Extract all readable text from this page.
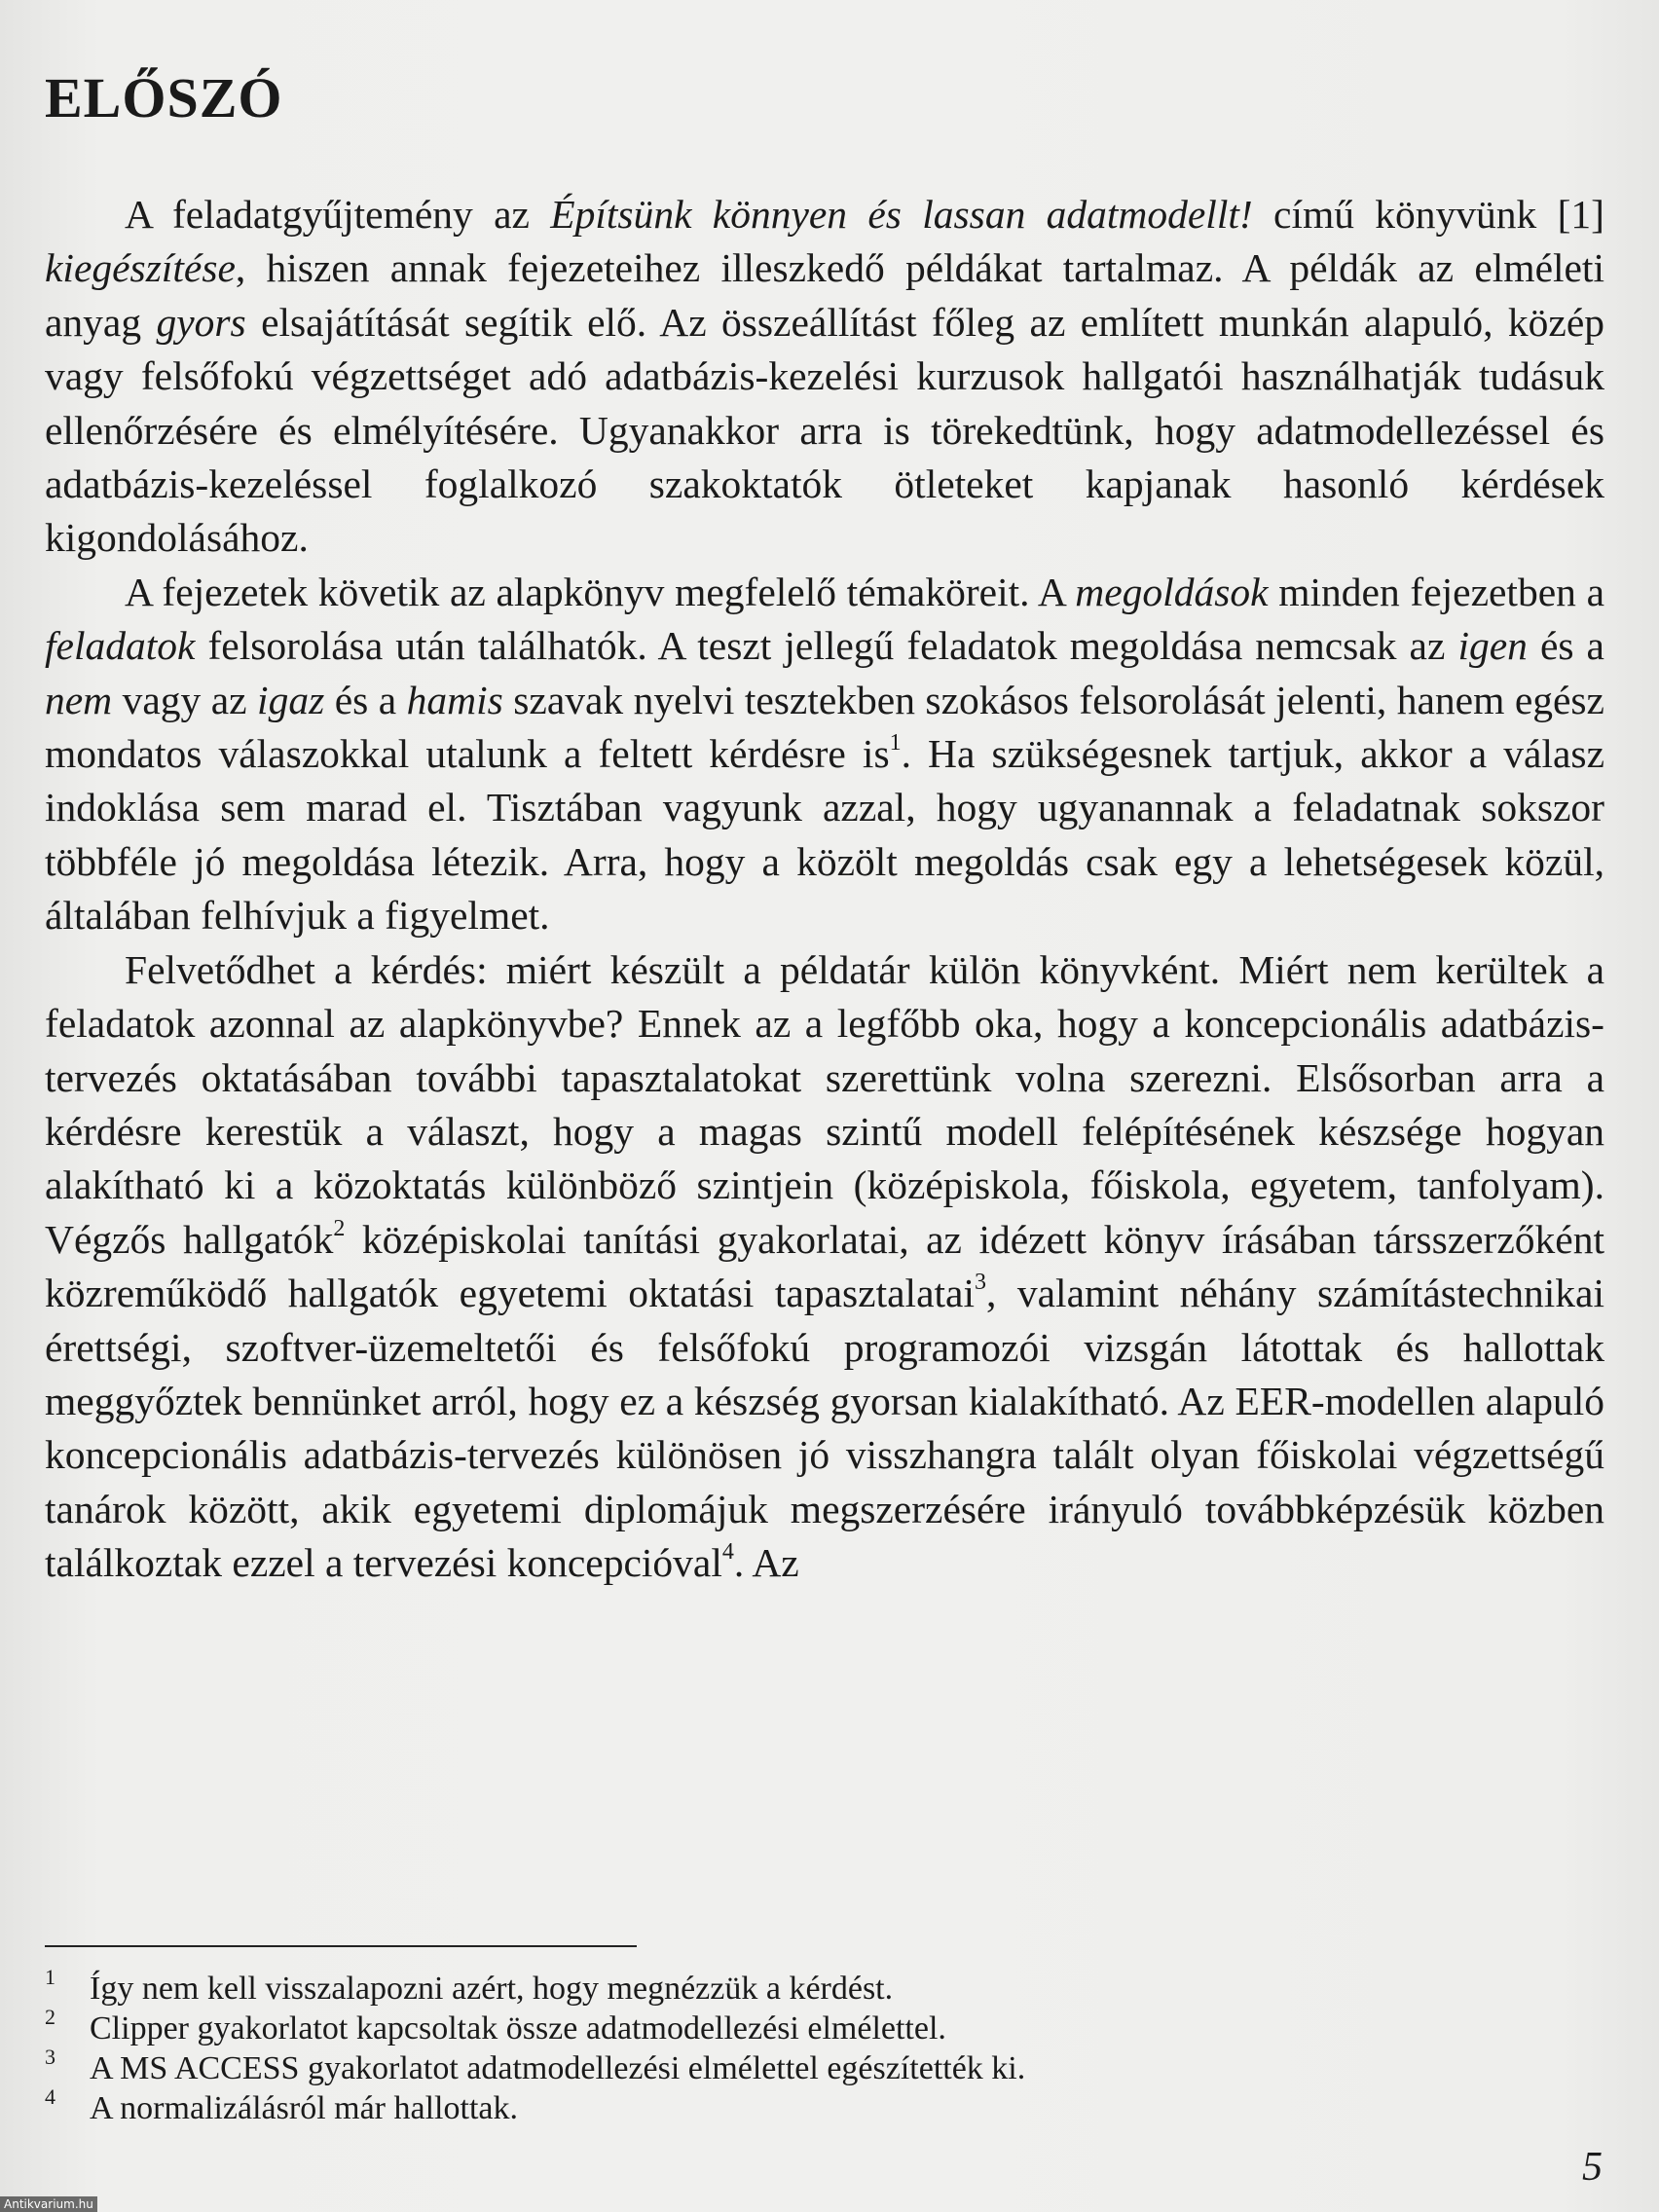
ELŐSZÓ

A feladatgyűjtemény az Építsünk könnyen és lassan adatmodellt! című könyvünk [1] kiegészítése, hiszen annak fejezeteihez illeszkedő példákat tartalmaz. A példák az elméleti anyag gyors elsajátítását segítik elő. Az összeállítást főleg az említett munkán alapuló, közép vagy felsőfokú végzettséget adó adatbázis-kezelési kurzusok hallgatói használhatják tudásuk ellenőrzésére és elmélyítésére. Ugyanakkor arra is törekedtünk, hogy adatmodellezéssel és adatbázis-kezeléssel foglalkozó szakoktatók ötleteket kapjanak hasonló kérdések kigondolásához.

A fejezetek követik az alapkönyv megfelelő témaköreit. A megoldások minden fejezetben a feladatok felsorolása után találhatók. A teszt jellegű feladatok megoldása nemcsak az igen és a nem vagy az igaz és a hamis szavak nyelvi tesztekben szokásos felsorolását jelenti, hanem egész mondatos válaszokkal utalunk a feltett kérdésre $is^1$. Ha szükségesnek tartjuk, akkor a válasz indoklása sem marad el. Tisztában vagyunk azzal, hogy ugyanannak a feladatnak sokszor többféle jó megoldása létezik. Arra, hogy a közölt megoldás csak egy a lehetségesek közül, általában felhívjuk a figyelmet.

Felvetődhet a kérdés: miért készült a példatár külön könyvként. Miért nem kerültek a feladatok azonnal az alapkönyvbe? Ennek az a legfőbb oka, hogy a koncepcionális adatbázis-tervezés oktatásában további tapasztalatokat szerettünk volna szerezni. Elsősorban arra a kérdésre kerestük a választ, hogy a magas szintű modell felépítésének készsége hogyan alakítható ki a közoktatás különböző szintjein (középiskola, főiskola, egyetem, tanfolyam). Végzős hallgatók$^2$ középiskolai tanítási gyakorlatai, az idézett könyv írásában társszerzőként közreműködő hallgatók egyetemi oktatási tapasztalatai$^3$, valamint néhány számítástechnikai érettségi, szoftver-üzemeltetői és felsőfokú programozói vizsgán látottak és hallottak meggyőztek bennünket arról, hogy ez a készség gyorsan kialakítható. Az EER-modellen alapuló koncepcionális adatbázis-tervezés különösen jó visszhangra talált olyan főiskolai végzettségű tanárok között, akik egyetemi diplomájuk megszerzésére irányuló továbbképzésük közben találkoztak ezzel a tervezési koncepcióval$^4$. Az

1 Így nem kell visszalapozni azért, hogy megnézzük a kérdést.
2 Clipper gyakorlatot kapcsoltak össze adatmodellezési elmélettel.
3 A MS ACCESS gyakorlatot adatmodellezési elmélettel egészítették ki.
4 A normalizálásról már hallottak.
5
Antikvarium.hu
